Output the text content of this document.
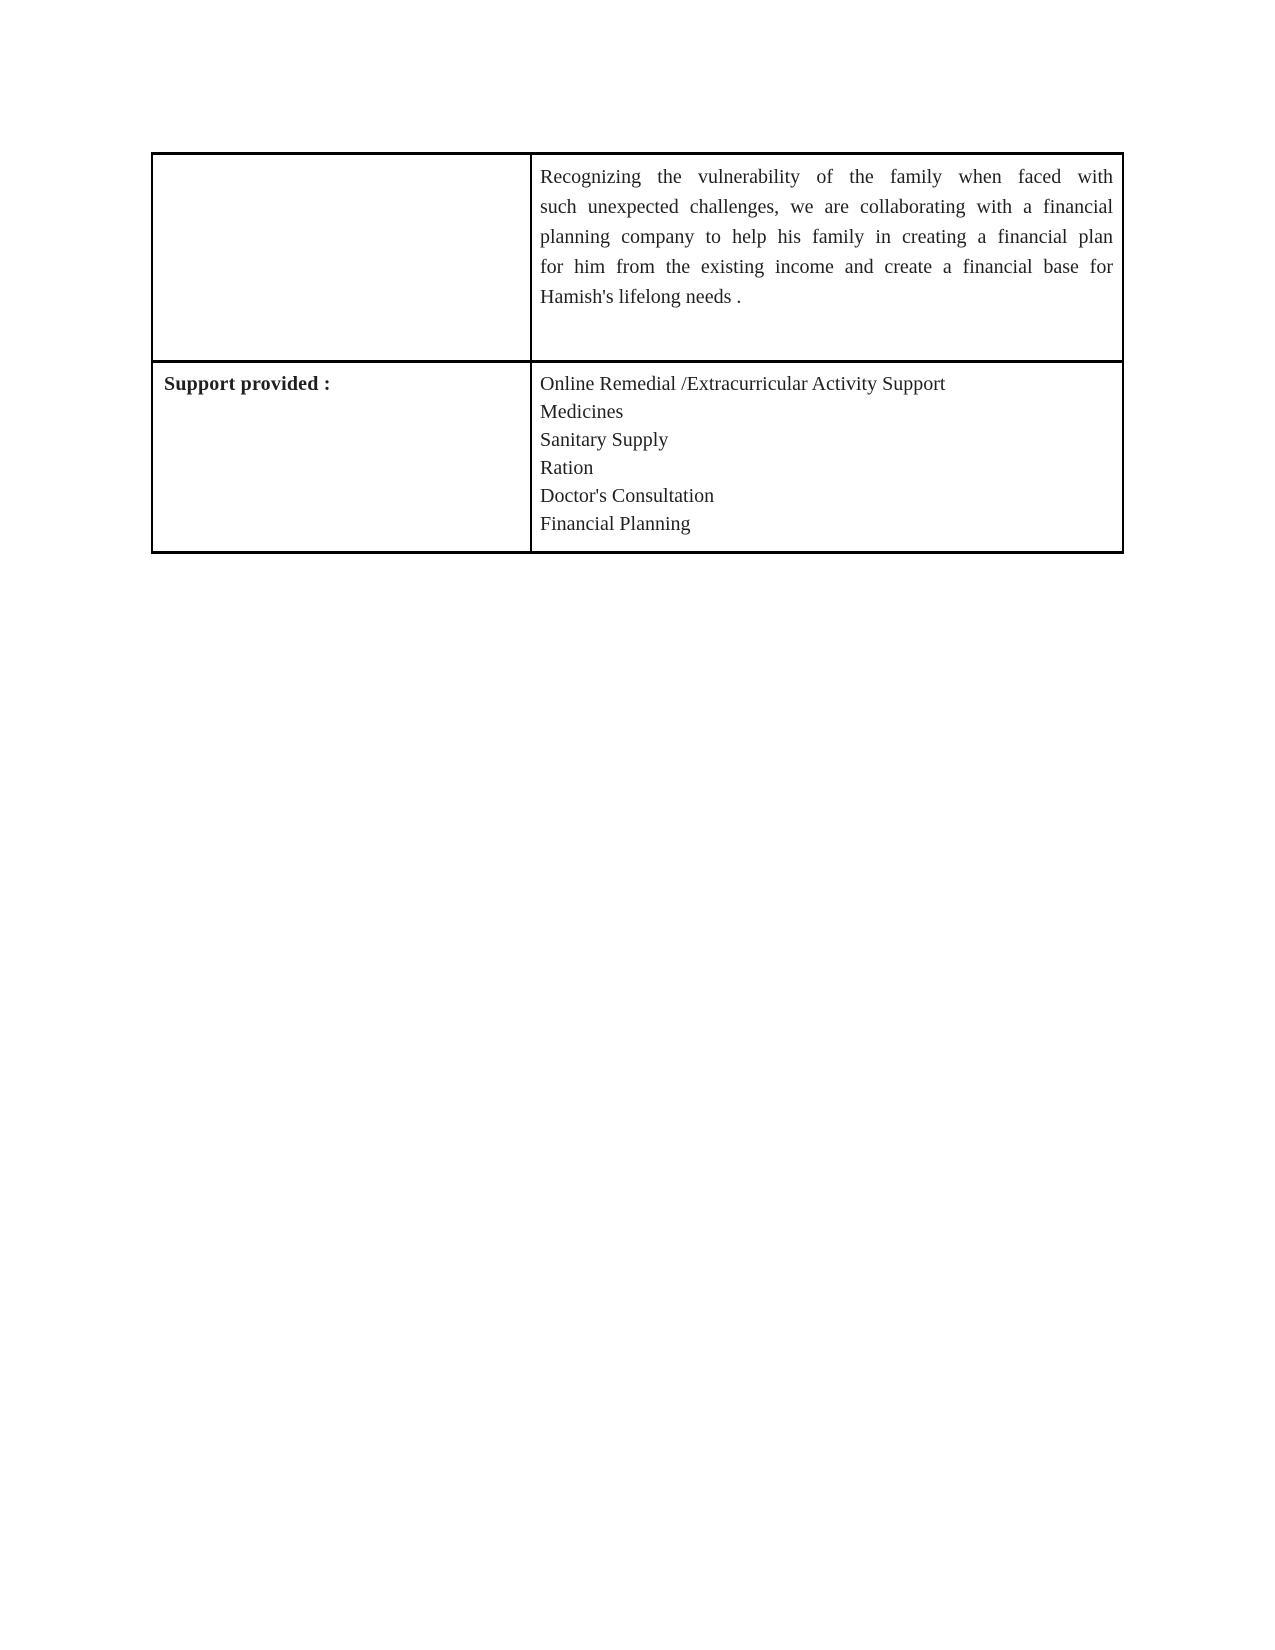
Recognizing the vulnerability of the family when faced with
such unexpected challenges, we are collaborating with a financial
planning company to help his family in creating a financial plan
for him from the existing income and create a financial base for
Hamish's lifelong needs .
Support provided :	Online Remedial /Extracurricular Activity Support
Medicines
Sanitary Supply
Ration
Doctor's Consultation
Financial Planning
